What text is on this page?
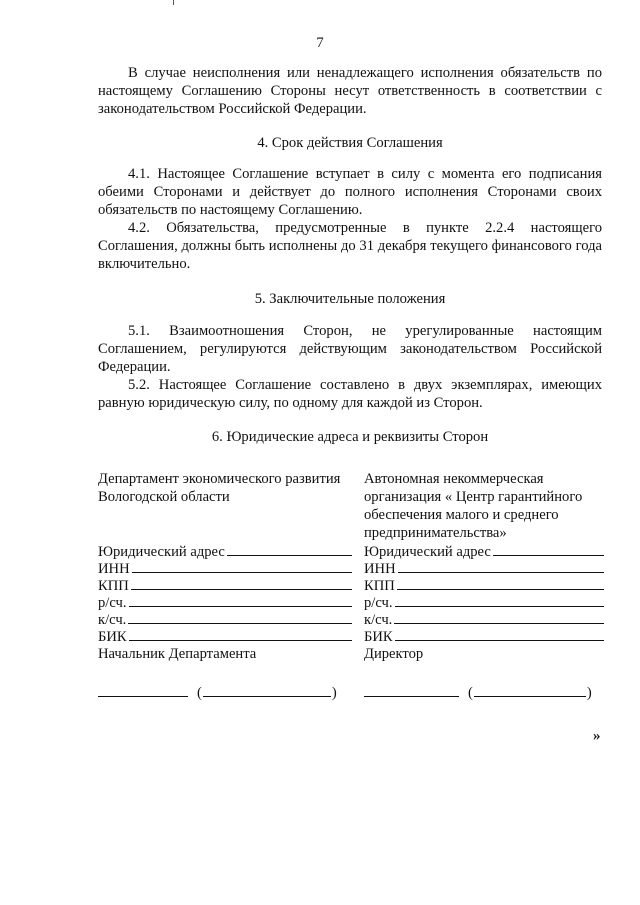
7

В случае неисполнения или ненадлежащего исполнения обязательств по настоящему Соглашению Стороны несут ответственность в соответствии с законодательством Российской Федерации.

4. Срок действия Соглашения

4.1. Настоящее Соглашение вступает в силу с момента его подписания обеими Сторонами и действует до полного исполнения Сторонами своих обязательств по настоящему Соглашению.

4.2. Обязательства, предусмотренные в пункте 2.2.4 настоящего Соглашения, должны быть исполнены до 31 декабря текущего финансового года включительно.

5. Заключительные положения

5.1. Взаимоотношения Сторон, не урегулированные настоящим Соглашением, регулируются действующим законодательством Российской Федерации.

5.2. Настоящее Соглашение составлено в двух экземплярах, имеющих равную юридическую силу, по одному для каждой из Сторон.

6. Юридические адреса и реквизиты Сторон

Департамент экономического развития Вологодской области

Юридический адрес
ИНН
КПП
р/сч.
к/сч.
БИК
Начальник Департамента
(	)

Автономная некоммерческая организация « Центр гарантийного обеспечения малого и среднего предпринимательства»

Юридический адрес
ИНН
КПП
р/сч.
к/сч.
БИК
Директор
(	)
»
